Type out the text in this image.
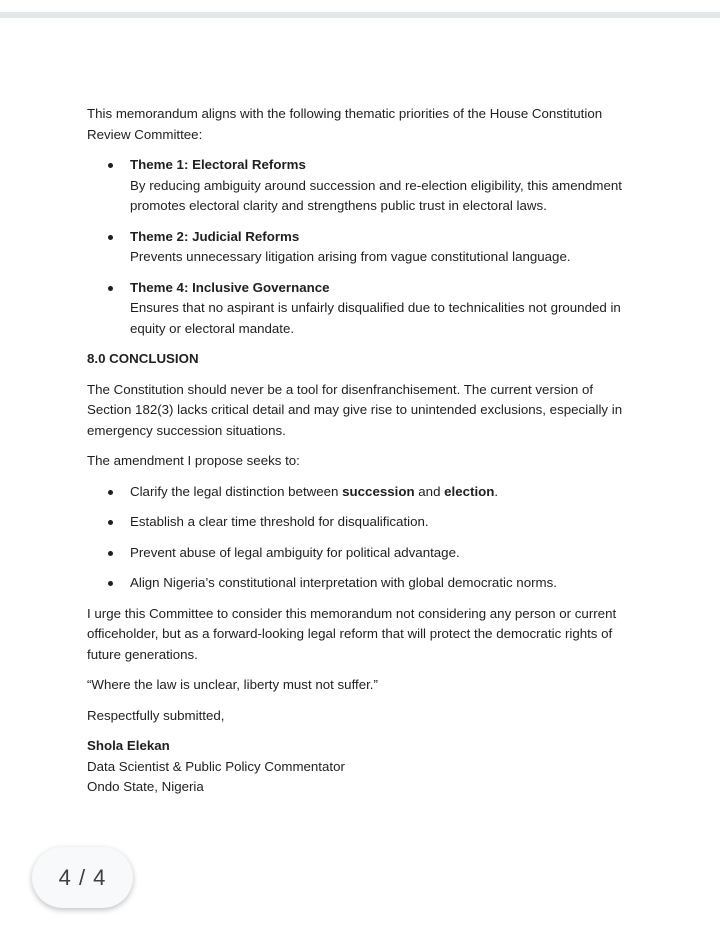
This memorandum aligns with the following thematic priorities of the House Constitution Review Committee:

Theme 1: Electoral Reforms
By reducing ambiguity around succession and re-election eligibility, this amendment promotes electoral clarity and strengthens public trust in electoral laws.
Theme 2: Judicial Reforms
Prevents unnecessary litigation arising from vague constitutional language.
Theme 4: Inclusive Governance
Ensures that no aspirant is unfairly disqualified due to technicalities not grounded in equity or electoral mandate.
8.0 CONCLUSION

The Constitution should never be a tool for disenfranchisement. The current version of Section 182(3) lacks critical detail and may give rise to unintended exclusions, especially in emergency succession situations.

The amendment I propose seeks to:

Clarify the legal distinction between succession and election.
Establish a clear time threshold for disqualification.
Prevent abuse of legal ambiguity for political advantage.
Align Nigeria’s constitutional interpretation with global democratic norms.

I urge this Committee to consider this memorandum not considering any person or current officeholder, but as a forward-looking legal reform that will protect the democratic rights of future generations.

“Where the law is unclear, liberty must not suffer.”

Respectfully submitted,

Shola Elekan
Data Scientist & Public Policy Commentator
Ondo State, Nigeria
4 / 4
